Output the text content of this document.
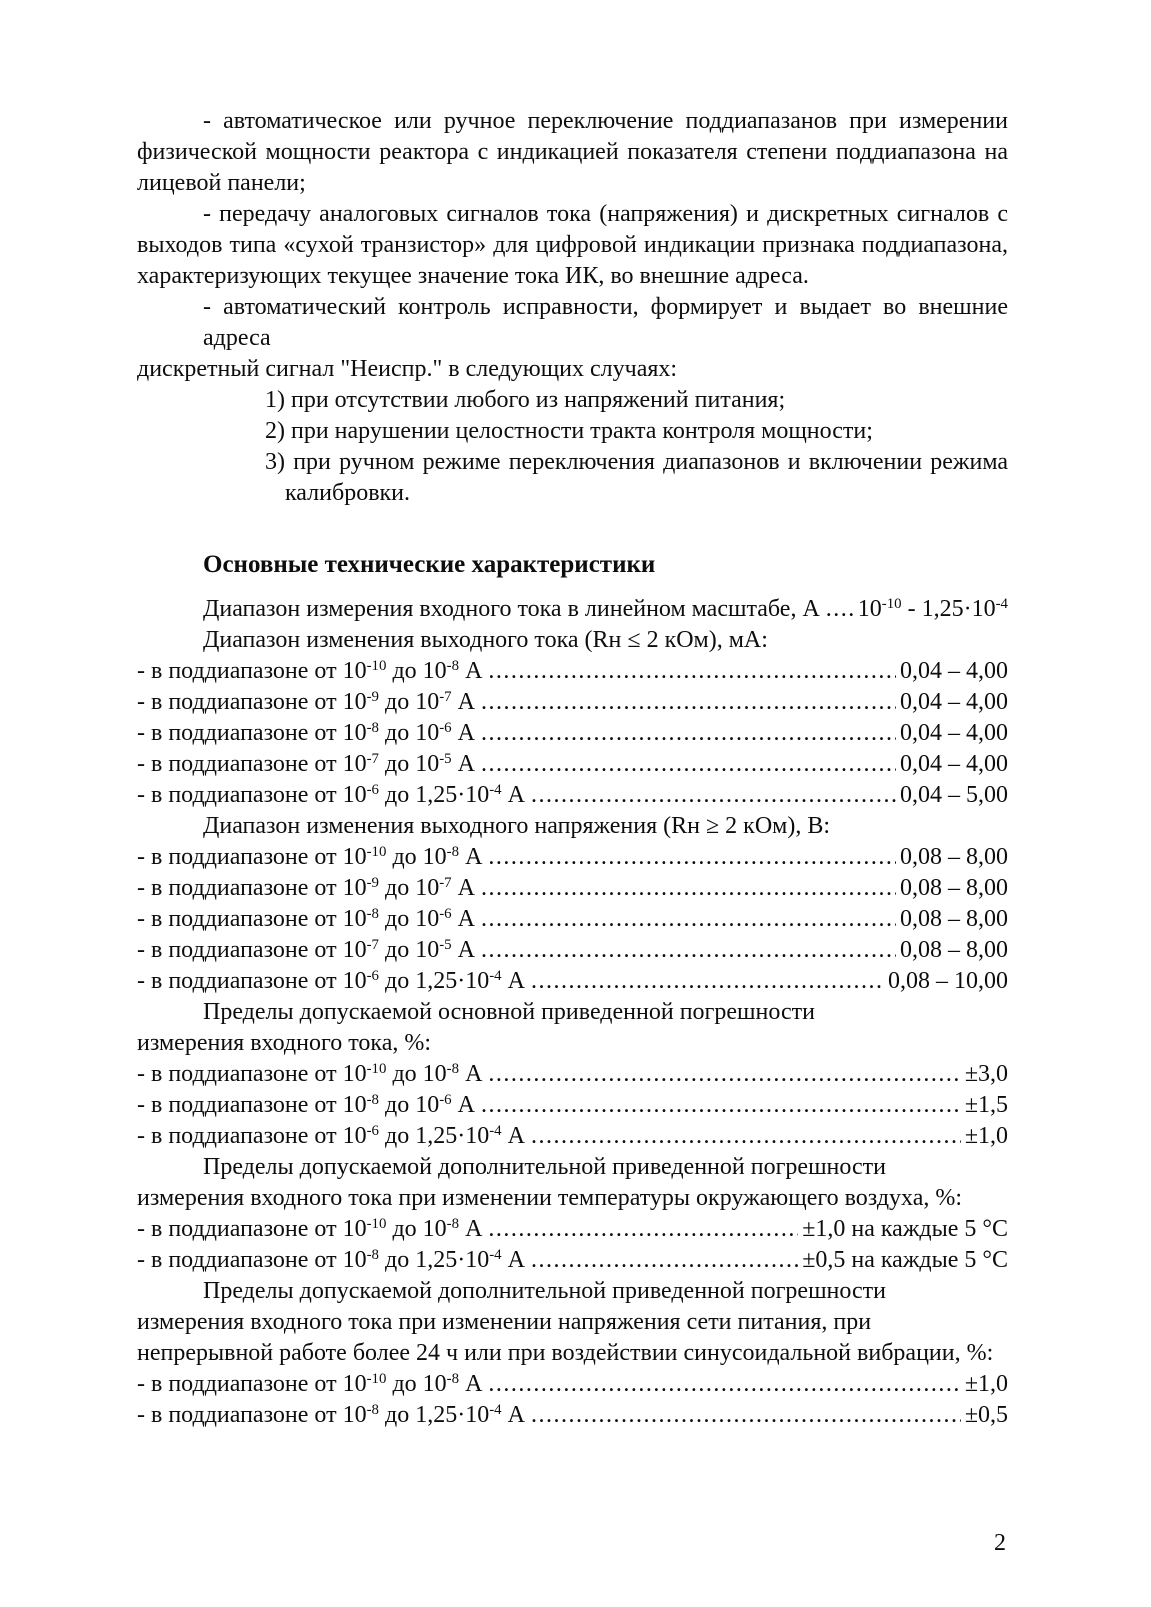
- автоматическое или ручное переключение поддиапазанов при измерении
физической мощности реактора с индикацией показателя степени поддиапазона на
лицевой панели;
- передачу аналоговых сигналов тока (напряжения) и дискретных сигналов с
выходов типа «сухой транзистор» для цифровой индикации признака поддиапазона,
характеризующих текущее значение тока ИК, во внешние адреса.
- автоматический контроль исправности, формирует и выдает во внешние адреса
дискретный сигнал "Неиспр." в следующих случаях:
1) при отсутствии любого из напряжений питания;
2) при нарушении целостности тракта контроля мощности;
3) при ручном режиме переключения диапазонов и включении режима
калибровки.
Основные технические характеристики
Диапазон измерения входного тока в линейном масштабе, А ..... $10^{-10} - 1,25\cdot 10^{-4}$
Диапазон изменения выходного тока (Rн ≤ 2 кОм), мА:
- в поддиапазоне от $10^{-10}$ до $10^{-8}$ А .....	0,04 – 4,00
- в поддиапазоне от $10^{-9}$ до $10^{-7}$ А .....	0,04 – 4,00
- в поддиапазоне от $10^{-8}$ до $10^{-6}$ А .....	0,04 – 4,00
- в поддиапазоне от $10^{-7}$ до $10^{-5}$ А .....	0,04 – 4,00
- в поддиапазоне от $10^{-6}$ до $1,25\cdot 10^{-4}$ А .....	0,04 – 5,00
Диапазон изменения выходного напряжения (Rн ≥ 2 кОм), В:
- в поддиапазоне от $10^{-10}$ до $10^{-8}$ А .....	0,08 – 8,00
- в поддиапазоне от $10^{-9}$ до $10^{-7}$ А .....	0,08 – 8,00
- в поддиапазоне от $10^{-8}$ до $10^{-6}$ А .....	0,08 – 8,00
- в поддиапазоне от $10^{-7}$ до $10^{-5}$ А .....	0,08 – 8,00
- в поддиапазоне от $10^{-6}$ до $1,25\cdot 10^{-4}$ А .....	0,08 – 10,00
Пределы допускаемой основной приведенной погрешности
измерения входного тока, %:
- в поддиапазоне от $10^{-10}$ до $10^{-8}$ А .....	±3,0
- в поддиапазоне от $10^{-8}$ до $10^{-6}$ А .....	±1,5
- в поддиапазоне от $10^{-6}$ до $1,25\cdot 10^{-4}$ А .....	±1,0
Пределы допускаемой дополнительной приведенной погрешности
измерения входного тока при изменении температуры окружающего воздуха, %:
- в поддиапазоне от $10^{-10}$ до $10^{-8}$ А .....	±1,0 на каждые 5 °С
- в поддиапазоне от $10^{-8}$ до $1,25\cdot 10^{-4}$ А .....	±0,5 на каждые 5 °С
Пределы допускаемой дополнительной приведенной погрешности
измерения входного тока при изменении напряжения сети питания, при
непрерывной работе более 24 ч или при воздействии синусоидальной вибрации, %:
- в поддиапазоне от $10^{-10}$ до $10^{-8}$ А .....	±1,0
- в поддиапазоне от $10^{-8}$ до $1,25\cdot 10^{-4}$ А .....	±0,5
2
